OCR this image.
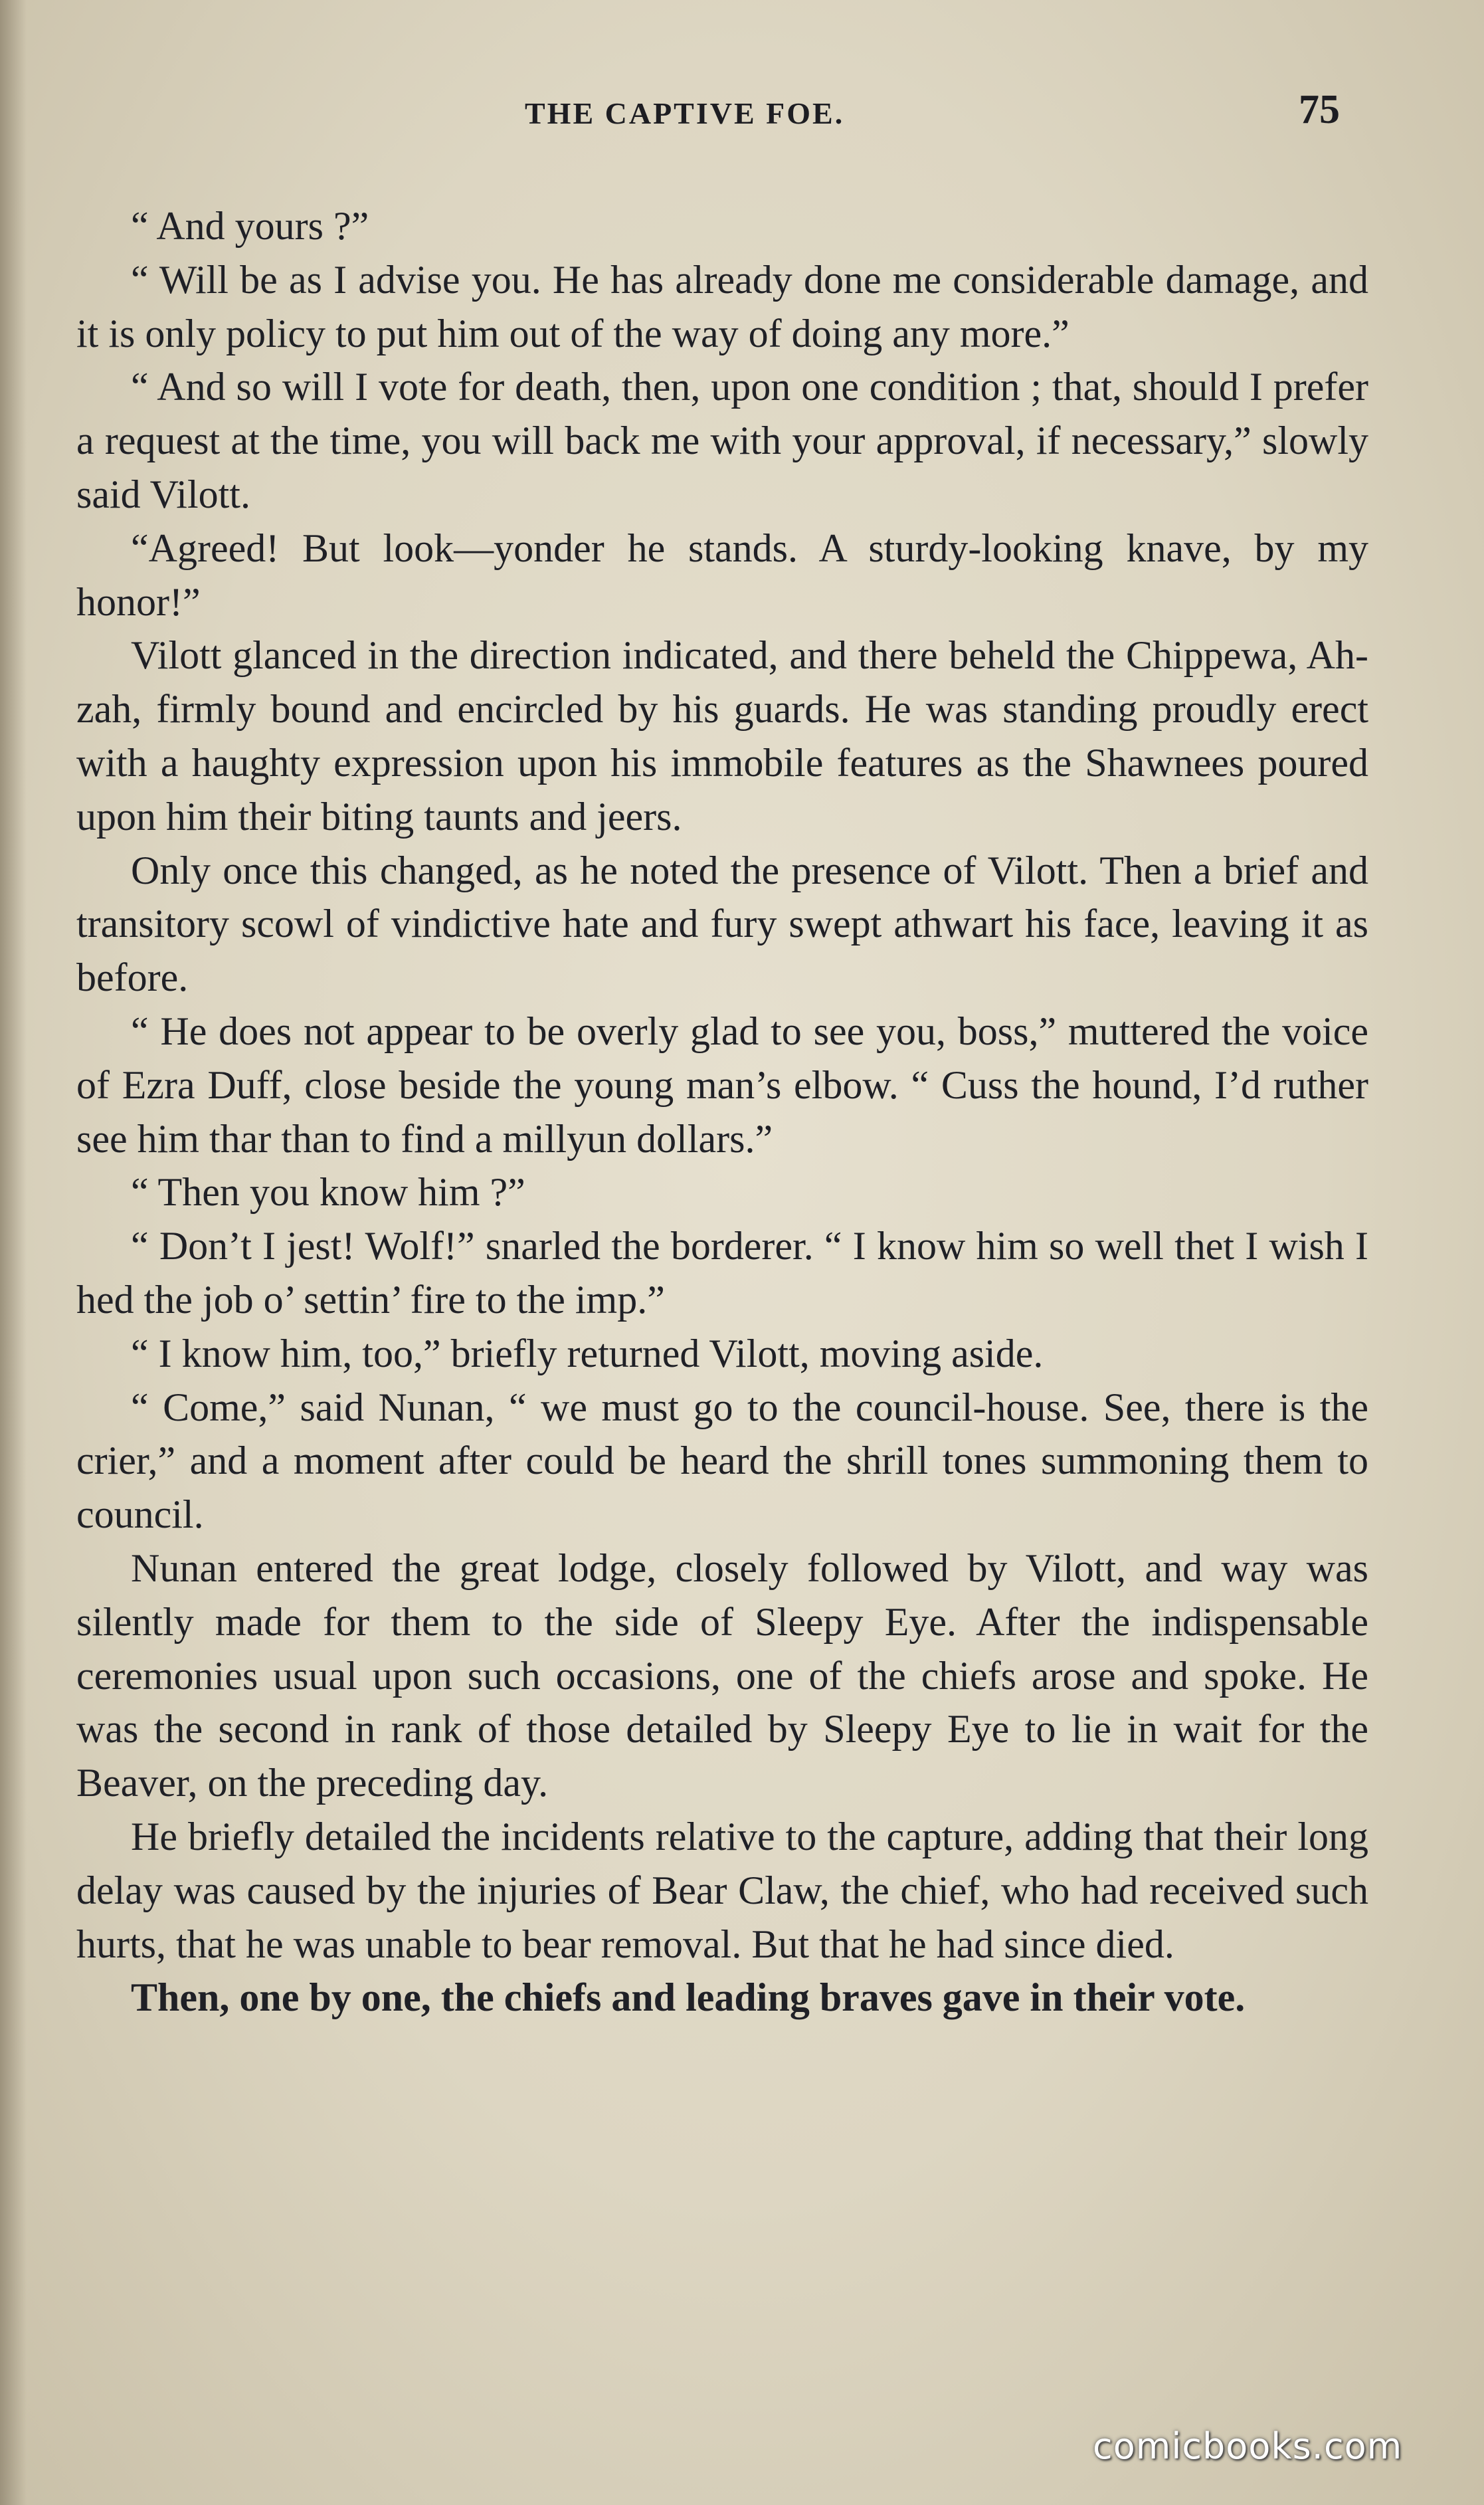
THE CAPTIVE FOE.	75

“ And yours ?”

“ Will be as I advise you. He has already done me considerable damage, and it is only policy to put him out of the way of doing any more.”

“ And so will I vote for death, then, upon one condition ; that, should I prefer a request at the time, you will back me with your approval, if necessary,” slowly said Vilott.

“Agreed! But look—yonder he stands. A sturdy-looking knave, by my honor!”

Vilott glanced in the direction indicated, and there beheld the Chippewa, Ah-zah, firmly bound and encircled by his guards. He was standing proudly erect with a haughty expression upon his immobile features as the Shawnees poured upon him their biting taunts and jeers.

Only once this changed, as he noted the presence of Vilott. Then a brief and transitory scowl of vindictive hate and fury swept athwart his face, leaving it as before.

“ He does not appear to be overly glad to see you, boss,” muttered the voice of Ezra Duff, close beside the young man’s elbow. “ Cuss the hound, I’d ruther see him thar than to find a millyun dollars.”

“ Then you know him ?”

“ Don’t I jest! Wolf!” snarled the borderer. “ I know him so well thet I wish I hed the job o’ settin’ fire to the imp.”

“ I know him, too,” briefly returned Vilott, moving aside.

“ Come,” said Nunan, “ we must go to the council-house. See, there is the crier,” and a moment after could be heard the shrill tones summoning them to council.

Nunan entered the great lodge, closely followed by Vilott, and way was silently made for them to the side of Sleepy Eye. After the indispensable ceremonies usual upon such occasions, one of the chiefs arose and spoke. He was the second in rank of those detailed by Sleepy Eye to lie in wait for the Beaver, on the preceding day.

He briefly detailed the incidents relative to the capture, adding that their long delay was caused by the injuries of Bear Claw, the chief, who had received such hurts, that he was unable to bear removal. But that he had since died.

Then, one by one, the chiefs and leading braves gave in their vote.

comicbooks.com
